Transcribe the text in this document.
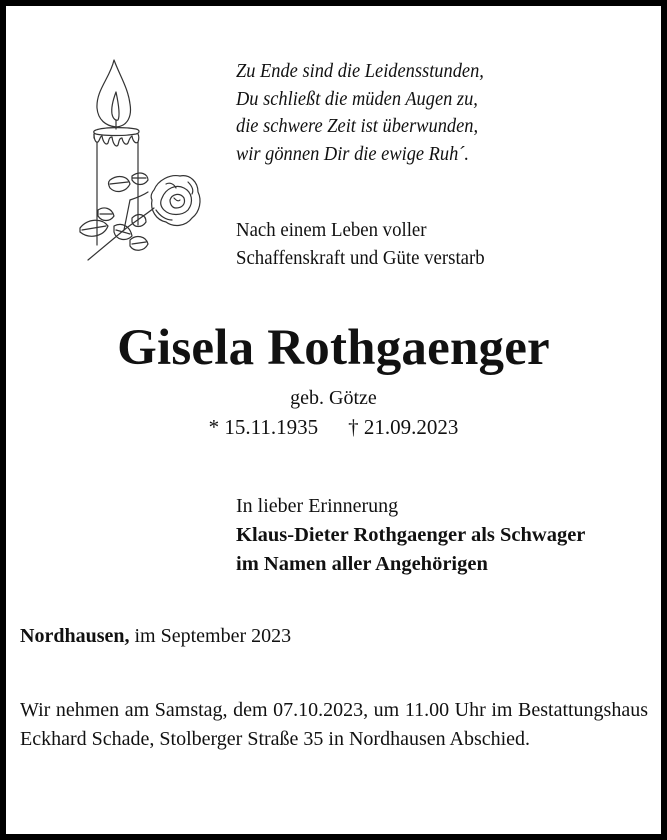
Zu Ende sind die Leidensstunden,
Du schließt die müden Augen zu,
die schwere Zeit ist überwunden,
wir gönnen Dir die ewige Ruh´.
Nach einem Leben voller
Schaffenskraft und Güte verstarb
Gisela Rothgaenger
geb. Götze
* 15.11.1935 † 21.09.2023
In lieber Erinnerung
Klaus-Dieter Rothgaenger als Schwager
im Namen aller Angehörigen
Nordhausen, im September 2023
Wir nehmen am Samstag, dem 07.10.2023, um 11.00 Uhr im Bestattungshaus Eckhard Schade, Stolberger Straße 35 in Nordhausen Abschied.
